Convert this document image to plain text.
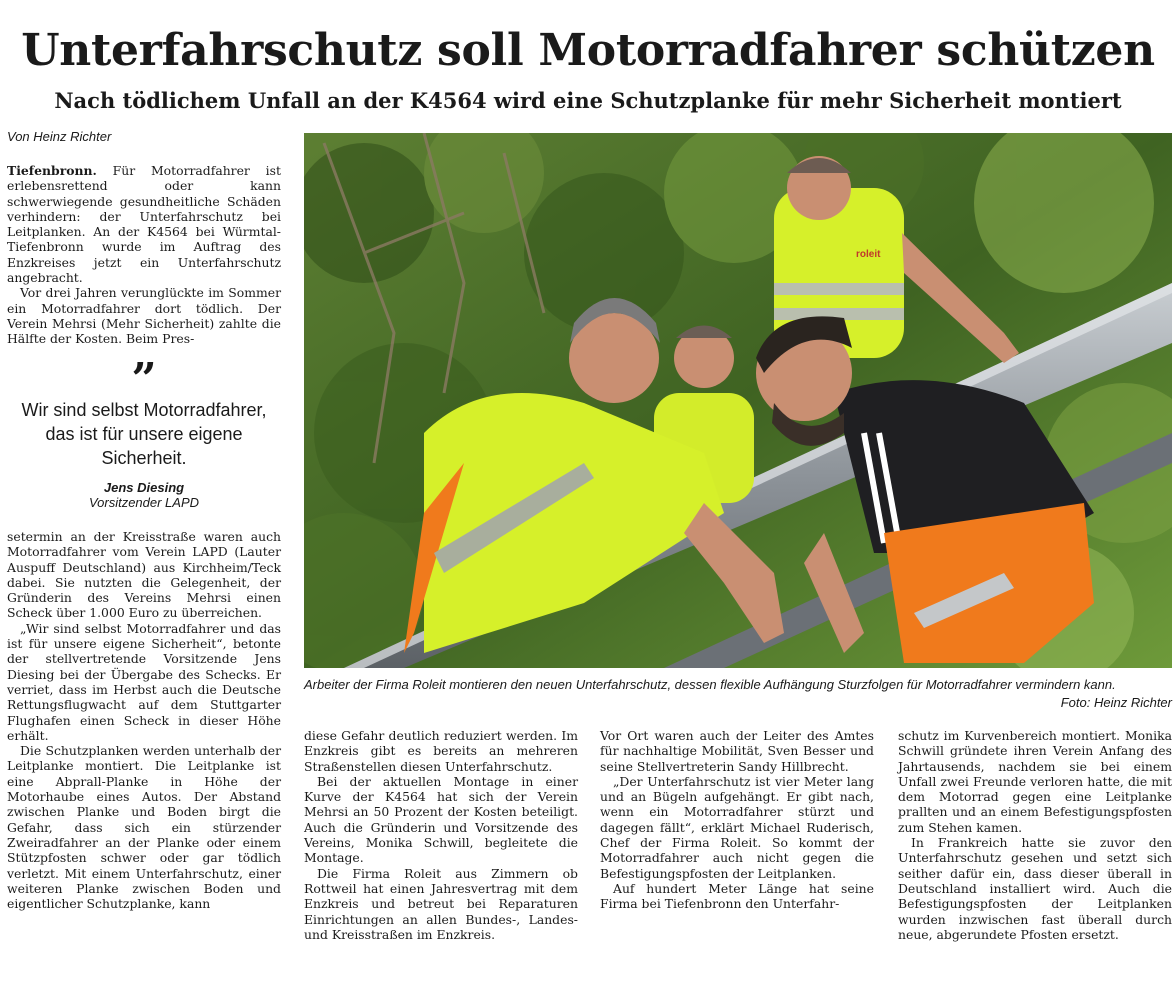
Unterfahrschutz soll Motorradfahrer schützen
Nach tödlichem Unfall an der K4564 wird eine Schutzplanke für mehr Sicherheit montiert
Von Heinz Richter

Tiefenbronn. Für Motorradfahrer ist erlebensrettend oder kann schwerwiegende gesundheitliche Schäden verhindern: der Unterfahrschutz bei Leitplanken. An der K4564 bei Würmtal-Tiefenbronn wurde im Auftrag des Enzkreises jetzt ein Unterfahrschutz angebracht.

Vor drei Jahren verunglückte im Sommer ein Motorradfahrer dort tödlich. Der Verein Mehrsi (Mehr Sicherheit) zahlte die Hälfte der Kosten. Beim Pres-

”
Wir sind selbst Motorradfahrer, das ist für unsere eigene Sicherheit.
Jens Diesing
Vorsitzender LAPD

setermin an der Kreisstraße waren auch Motorradfahrer vom Verein LAPD (Lauter Auspuff Deutschland) aus Kirchheim/Teck dabei. Sie nutzten die Gelegenheit, der Gründerin des Vereins Mehrsi einen Scheck über 1.000 Euro zu überreichen.

„Wir sind selbst Motorradfahrer und das ist für unsere eigene Sicherheit“, betonte der stellvertretende Vorsitzende Jens Diesing bei der Übergabe des Schecks. Er verriet, dass im Herbst auch die Deutsche Rettungsflugwacht auf dem Stuttgarter Flughafen einen Scheck in dieser Höhe erhält.

Die Schutzplanken werden unterhalb der Leitplanke montiert. Die Leitplanke ist eine Abprall-Planke in Höhe der Motorhaube eines Autos. Der Abstand zwischen Planke und Boden birgt die Gefahr, dass sich ein stürzender Zweiradfahrer an der Planke oder einem Stützpfosten schwer oder gar tödlich verletzt. Mit einem Unterfahrschutz, einer weiteren Planke zwischen Boden und eigentlicher Schutzplanke, kann

roleit
Arbeiter der Firma Roleit montieren den neuen Unterfahrschutz, dessen flexible Aufhängung Sturzfolgen für Motorradfahrer vermindern kann.
Foto: Heinz Richter

diese Gefahr deutlich reduziert werden. Im Enzkreis gibt es bereits an mehreren Straßenstellen diesen Unterfahrschutz.

Bei der aktuellen Montage in einer Kurve der K4564 hat sich der Verein Mehrsi an 50 Prozent der Kosten beteiligt. Auch die Gründerin und Vorsitzende des Vereins, Monika Schwill, begleitete die Montage.

Die Firma Roleit aus Zimmern ob Rottweil hat einen Jahresvertrag mit dem Enzkreis und betreut bei Reparaturen Einrichtungen an allen Bundes-, Landes- und Kreisstraßen im Enzkreis.

Vor Ort waren auch der Leiter des Amtes für nachhaltige Mobilität, Sven Besser und seine Stellvertreterin Sandy Hillbrecht.

„Der Unterfahrschutz ist vier Meter lang und an Bügeln aufgehängt. Er gibt nach, wenn ein Motorradfahrer stürzt und dagegen fällt“, erklärt Michael Ruderisch, Chef der Firma Roleit. So kommt der Motorradfahrer auch nicht gegen die Befestigungspfosten der Leitplanken.

Auf hundert Meter Länge hat seine Firma bei Tiefenbronn den Unterfahr-

schutz im Kurvenbereich montiert. Monika Schwill gründete ihren Verein Anfang des Jahrtausends, nachdem sie bei einem Unfall zwei Freunde verloren hatte, die mit dem Motorrad gegen eine Leitplanke prallten und an einem Befestigungspfosten zum Stehen kamen.

In Frankreich hatte sie zuvor den Unterfahrschutz gesehen und setzt sich seither dafür ein, dass dieser überall in Deutschland installiert wird. Auch die Befestigungspfosten der Leitplanken wurden inzwischen fast überall durch neue, abgerundete Pfosten ersetzt.
